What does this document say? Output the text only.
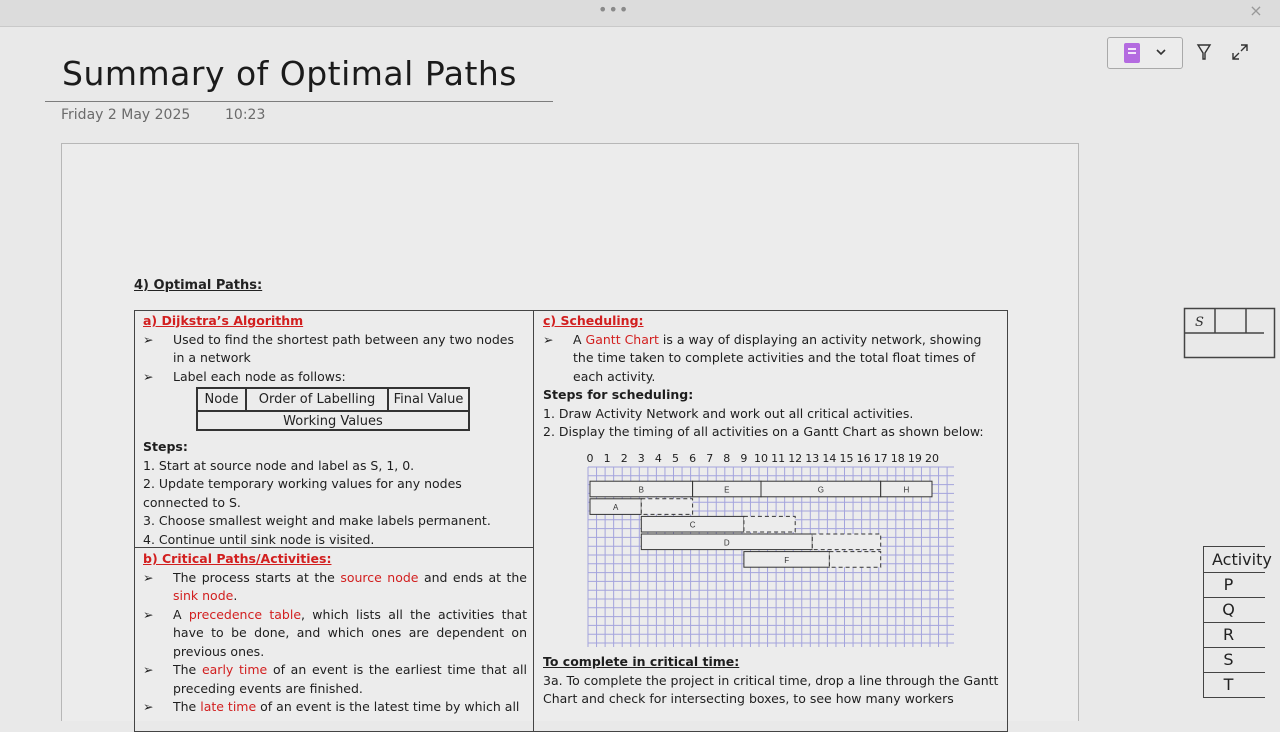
•••	×
Summary of Optimal Paths
Friday 2 May 2025 10:23
4) Optimal Paths:
a) Dijkstra’s Algorithm
➢ Used to find the shortest path between any two nodes in a network
➢ Label each node as follows:
Node	Order of Labelling	Final Value
Working Values
Steps:
1. Start at source node and label as S, 1, 0.
2. Update temporary working values for any nodes connected to S.
3. Choose smallest weight and make labels permanent.
4. Continue until sink node is visited.
b) Critical Paths/Activities:
➢ The process starts at the source node and ends at the sink node.
➢ A precedence table, which lists all the activities that have to be done, and which ones are dependent on previous ones.
➢ The early time of an event is the earliest time that all preceding events are finished.
➢ The late time of an event is the latest time by which all
c) Scheduling:
➢ A Gantt Chart is a way of displaying an activity network, showing the time taken to complete activities and the total float times of each activity.
Steps for scheduling:
1. Draw Activity Network and work out all critical activities.
2. Display the timing of all activities on a Gantt Chart as shown below:
0 1 2 3 4 5 6 7 8 9 10 11 12 13 14 15 16 17 18 19 20
B	E	G	H
A
C
D
F
To complete in critical time:
3a. To complete the project in critical time, drop a line through the Gantt Chart and check for intersecting boxes, to see how many workers
S
Activity
P
Q
R
S
T
